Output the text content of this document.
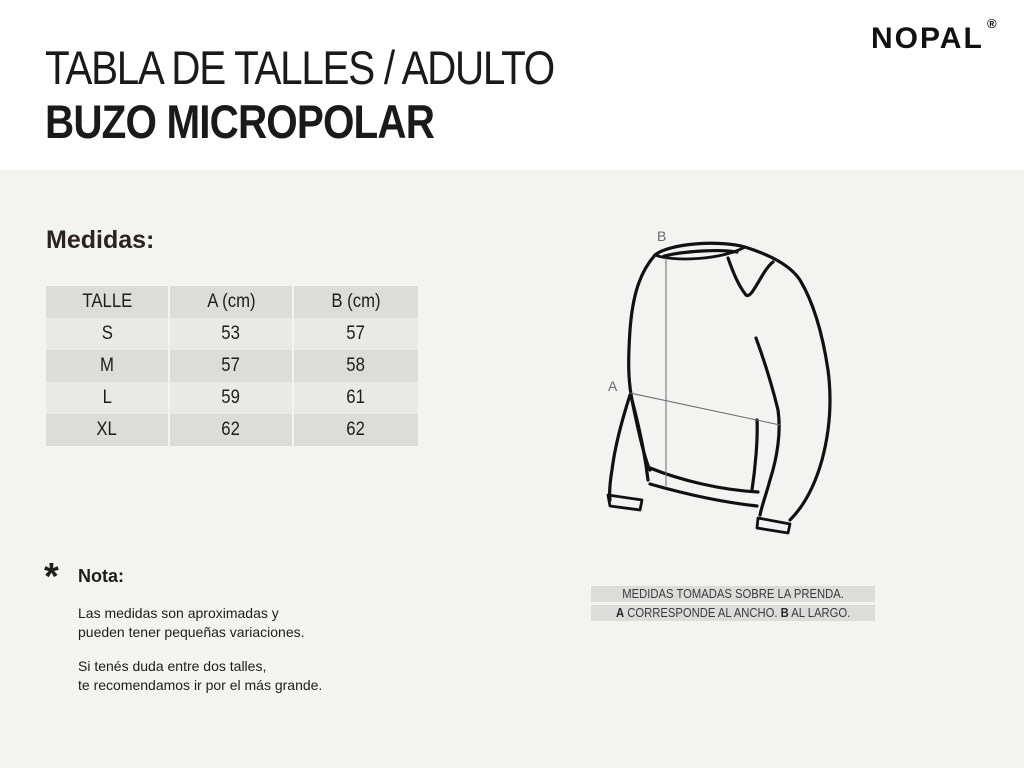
TABLA DE TALLES / ADULTO
BUZO MICROPOLAR
NOPAL ®
Medidas:
TALLE	A (cm)	B (cm)
S	53	57
M	57	58
L	59	61
XL	62	62
B
A
MEDIDAS TOMADAS SOBRE LA PRENDA.
A CORRESPONDE AL ANCHO. B AL LARGO.
* Nota:
Las medidas son aproximadas y
pueden tener pequeñas variaciones.
Si tenés duda entre dos talles,
te recomendamos ir por el más grande.
